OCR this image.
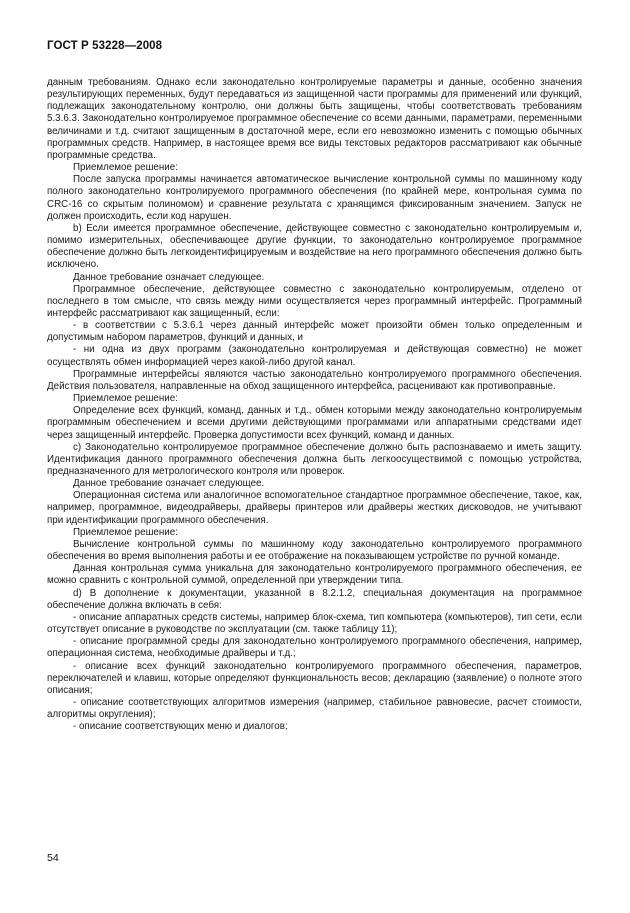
ГОСТ Р 53228—2008

данным требованиям. Однако если законодательно контролируемые параметры и данные, особенно значения результирующих переменных, будут передаваться из защищенной части программы для применений или функций, подлежащих законодательному контролю, они должны быть защищены, чтобы соответствовать требованиям 5.3.6.3. Законодательно контролируемое программное обеспечение со всеми данными, параметрами, переменными величинами и т.д. считают защищенным в достаточной мере, если его невозможно изменить с помощью обычных программных средств. Например, в настоящее время все виды текстовых редакторов рассматривают как обычные программные средства.

Приемлемое решение:

После запуска программы начинается автоматическое вычисление контрольной суммы по машинному коду полного законодательно контролируемого программного обеспечения (по крайней мере, контрольная сумма по CRC-16 со скрытым полиномом) и сравнение результата с хранящимся фиксированным значением. Запуск не должен происходить, если код нарушен.

b) Если имеется программное обеспечение, действующее совместно с законодательно контролируемым и, помимо измерительных, обеспечивающее другие функции, то законодательно контролируемое программное обеспечение должно быть легкоидентифицируемым и воздействие на него программного обеспечения должно быть исключено.

Данное требование означает следующее.

Программное обеспечение, действующее совместно с законодательно контролируемым, отделено от последнего в том смысле, что связь между ними осуществляется через программный интерфейс. Программный интерфейс рассматривают как защищенный, если:

- в соответствии с 5.3.6.1 через данный интерфейс может произойти обмен только определенным и допустимым набором параметров, функций и данных, и

- ни одна из двух программ (законодательно контролируемая и действующая совместно) не может осуществлять обмен информацией через какой-либо другой канал.

Программные интерфейсы являются частью законодательно контролируемого программного обеспечения. Действия пользователя, направленные на обход защищенного интерфейса, расценивают как противоправные.

Приемлемое решение:

Определение всех функций, команд, данных и т.д., обмен которыми между законодательно контролируемым программным обеспечением и всеми другими действующими программами или аппаратными средствами идет через защищенный интерфейс. Проверка допустимости всех функций, команд и данных.

c) Законодательно контролируемое программное обеспечение должно быть распознаваемо и иметь защиту. Идентификация данного программного обеспечения должна быть легкоосуществимой с помощью устройства, предназначенного для метрологического контроля или проверок.

Данное требование означает следующее.

Операционная система или аналогичное вспомогательное стандартное программное обеспечение, такое, как, например, программное, видеодрайверы, драйверы принтеров или драйверы жестких дисководов, не учитывают при идентификации программного обеспечения.

Приемлемое решение:

Вычисление контрольной суммы по машинному коду законодательно контролируемого программного обеспечения во время выполнения работы и ее отображение на показывающем устройстве по ручной команде.

Данная контрольная сумма уникальна для законодательно контролируемого программного обеспечения, ее можно сравнить с контрольной суммой, определенной при утверждении типа.

d) В дополнение к документации, указанной в 8.2.1.2, специальная документация на программное обеспечение должна включать в себя:

- описание аппаратных средств системы, например блок-схема, тип компьютера (компьютеров), тип сети, если отсутствует описание в руководстве по эксплуатации (см. также таблицу 11);

- описание программной среды для законодательно контролируемого программного обеспечения, например, операционная система, необходимые драйверы и т.д.;

- описание всех функций законодательно контролируемого программного обеспечения, параметров, переключателей и клавиш, которые определяют функциональность весов; декларацию (заявление) о полноте этого описания;

- описание соответствующих алгоритмов измерения (например, стабильное равновесие, расчет стоимости, алгоритмы округления);

- описание соответствующих меню и диалогов;

54
